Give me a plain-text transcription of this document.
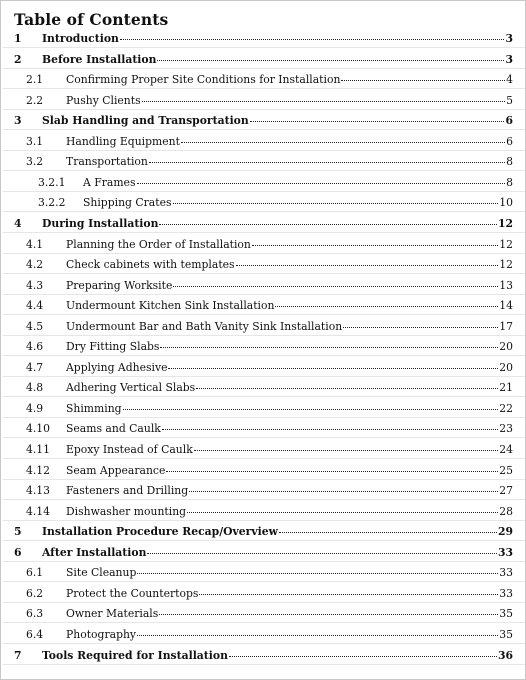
Table of Contents
1	Introduction	3
2	Before Installation	3
2.1	Confirming Proper Site Conditions for Installation	4
2.2	Pushy Clients	5
3	Slab Handling and Transportation	6
3.1	Handling Equipment	6
3.2	Transportation	8
3.2.1	A Frames	8
3.2.2	Shipping Crates	10
4	During Installation	12
4.1	Planning the Order of Installation	12
4.2	Check cabinets with templates	12
4.3	Preparing Worksite	13
4.4	Undermount Kitchen Sink Installation	14
4.5	Undermount Bar and Bath Vanity Sink Installation	17
4.6	Dry Fitting Slabs	20
4.7	Applying Adhesive	20
4.8	Adhering Vertical Slabs	21
4.9	Shimming	22
4.10	Seams and Caulk	23
4.11	Epoxy Instead of Caulk	24
4.12	Seam Appearance	25
4.13	Fasteners and Drilling	27
4.14	Dishwasher mounting	28
5	Installation Procedure Recap/Overview	29
6	After Installation	33
6.1	Site Cleanup	33
6.2	Protect the Countertops	33
6.3	Owner Materials	35
6.4	Photography	35
7	Tools Required for Installation	36
